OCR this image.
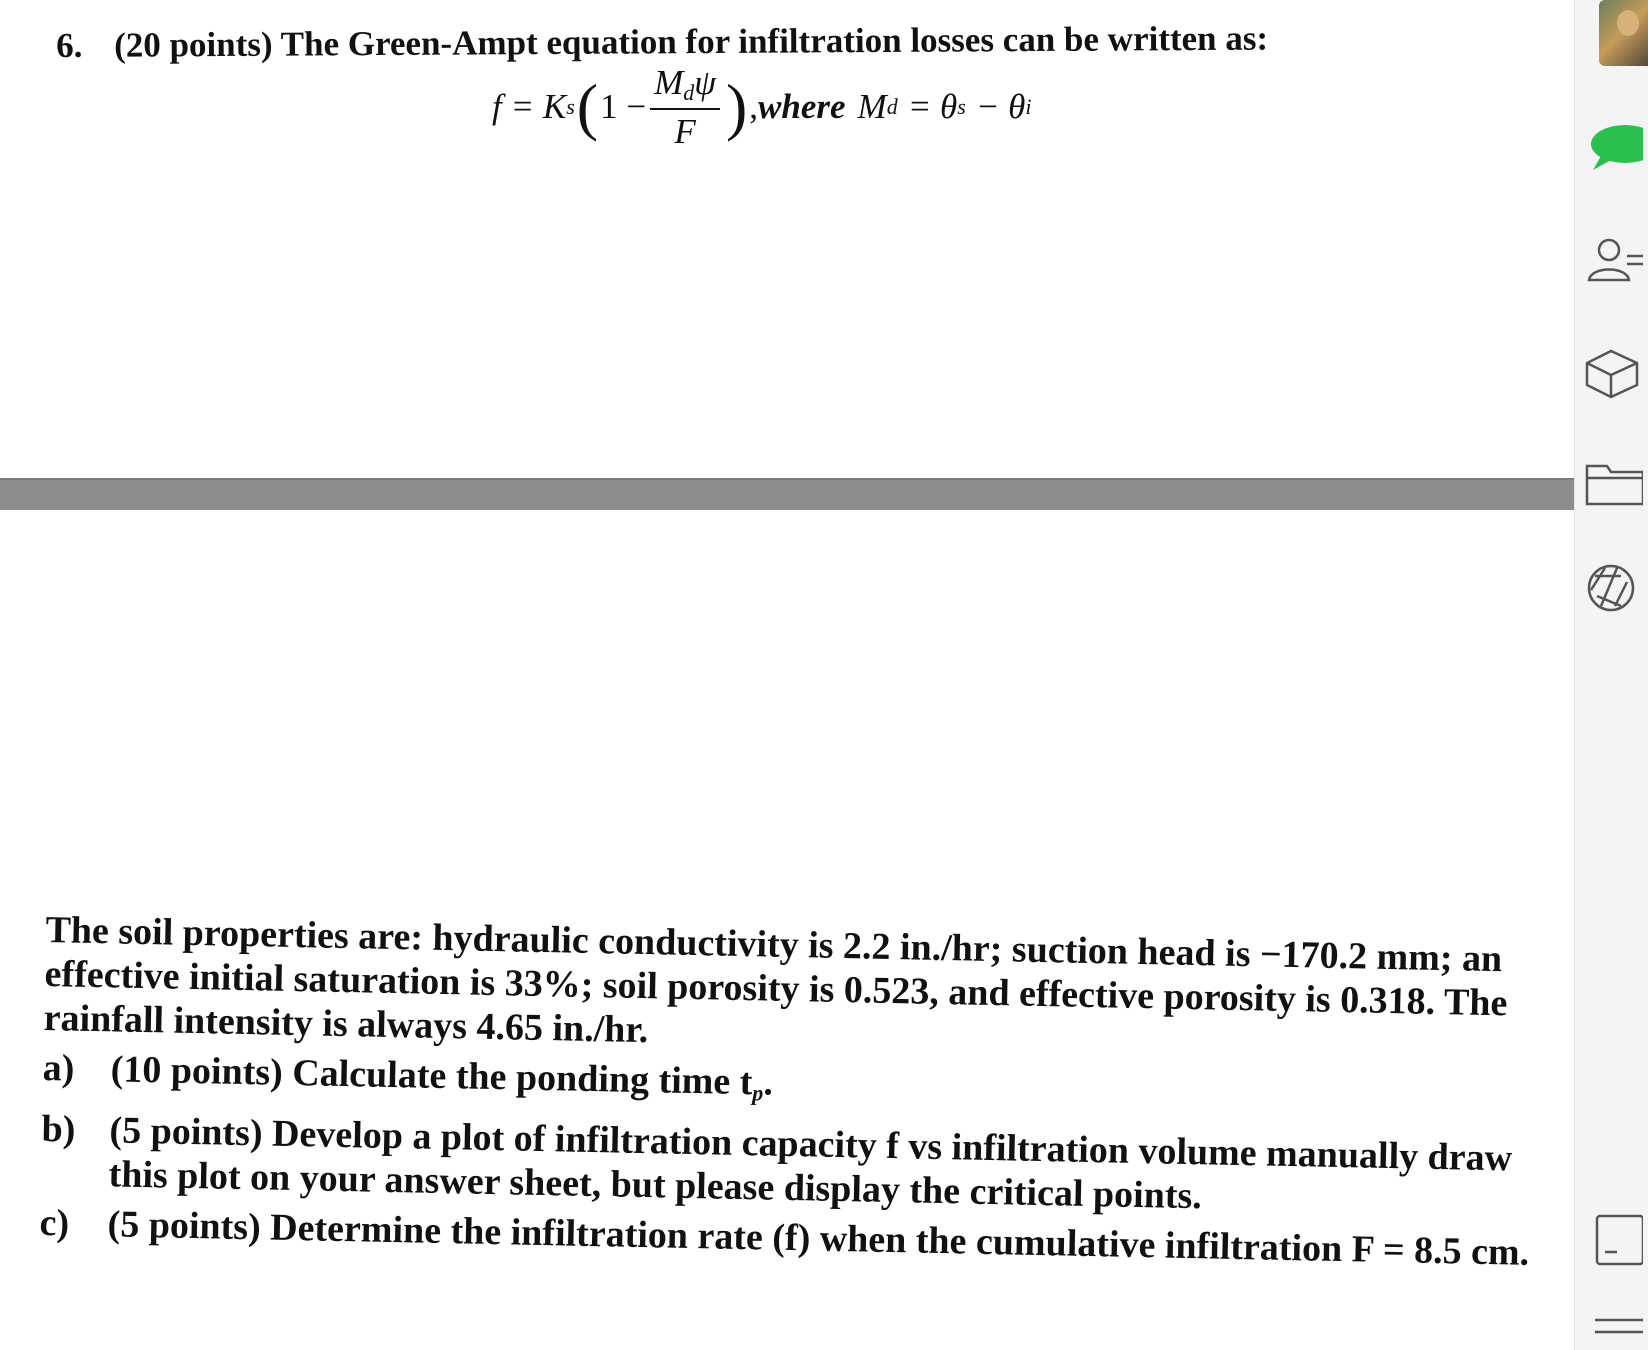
6. (20 points) The Green-Ampt equation for infiltration losses can be written as:
f = K s ( $1 - \frac{M_d\psi}{F}$ ) , where M d = θ s − θ i

The soil properties are: hydraulic conductivity is 2.2 in./hr; suction head is −170.2 mm; an effective initial saturation is 33%; soil porosity is 0.523, and effective porosity is 0.318. The rainfall intensity is always 4.65 in./hr.

a) (10 points) Calculate the ponding time $t_p$.
b) (5 points) Develop a plot of infiltration capacity f vs infiltration volume manually draw this plot on your answer sheet, but please display the critical points.
c) (5 points) Determine the infiltration rate (f) when the cumulative infiltration F = 8.5 cm.
